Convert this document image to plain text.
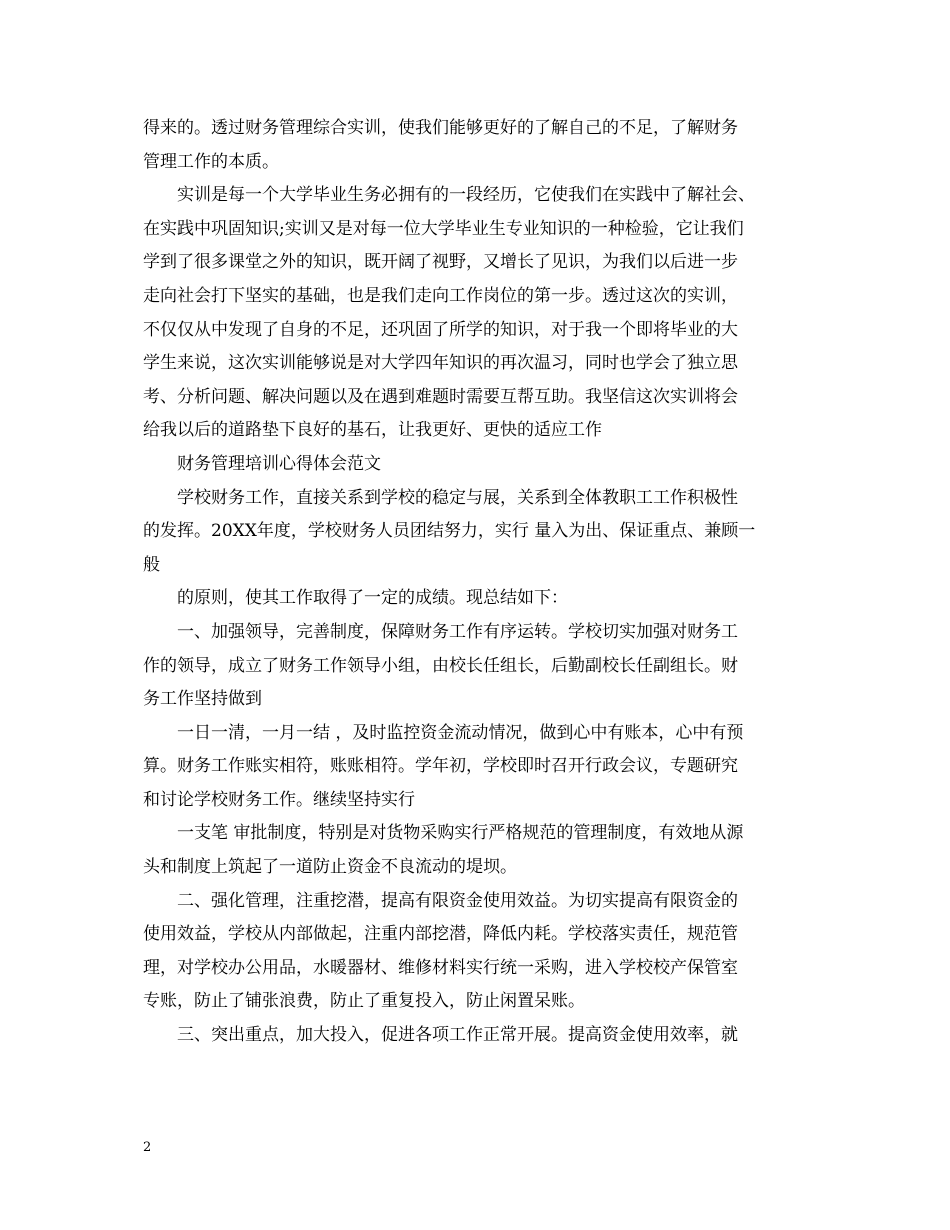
得来的。透过财务管理综合实训，使我们能够更好的了解自己的不足，了解财务
管理工作的本质。
实训是每一个大学毕业生务必拥有的一段经历，它使我们在实践中了解社会、
在实践中巩固知识;实训又是对每一位大学毕业生专业知识的一种检验，它让我们
学到了很多课堂之外的知识，既开阔了视野，又增长了见识，为我们以后进一步
走向社会打下坚实的基础，也是我们走向工作岗位的第一步。透过这次的实训，
不仅仅从中发现了自身的不足，还巩固了所学的知识，对于我一个即将毕业的大
学生来说，这次实训能够说是对大学四年知识的再次温习，同时也学会了独立思
考、分析问题、解决问题以及在遇到难题时需要互帮互助。我坚信这次实训将会
给我以后的道路垫下良好的基石，让我更好、更快的适应工作
财务管理培训心得体会范文
学校财务工作，直接关系到学校的稳定与展，关系到全体教职工工作积极性
的发挥。20XX年度，学校财务人员团结努力，实行 量入为出、保证重点、兼顾一
般
的原则，使其工作取得了一定的成绩。现总结如下：
一、加强领导，完善制度，保障财务工作有序运转。学校切实加强对财务工
作的领导，成立了财务工作领导小组，由校长任组长，后勤副校长任副组长。财
务工作坚持做到
一日一清，一月一结 ，及时监控资金流动情况，做到心中有账本，心中有预
算。财务工作账实相符，账账相符。学年初，学校即时召开行政会议，专题研究
和讨论学校财务工作。继续坚持实行
一支笔 审批制度，特别是对货物采购实行严格规范的管理制度，有效地从源
头和制度上筑起了一道防止资金不良流动的堤坝。
二、强化管理，注重挖潜，提高有限资金使用效益。为切实提高有限资金的
使用效益，学校从内部做起，注重内部挖潜，降低内耗。学校落实责任，规范管
理，对学校办公用品，水暖器材、维修材料实行统一采购，进入学校校产保管室
专账，防止了铺张浪费，防止了重复投入，防止闲置呆账。
三、突出重点，加大投入，促进各项工作正常开展。提高资金使用效率，就
2
